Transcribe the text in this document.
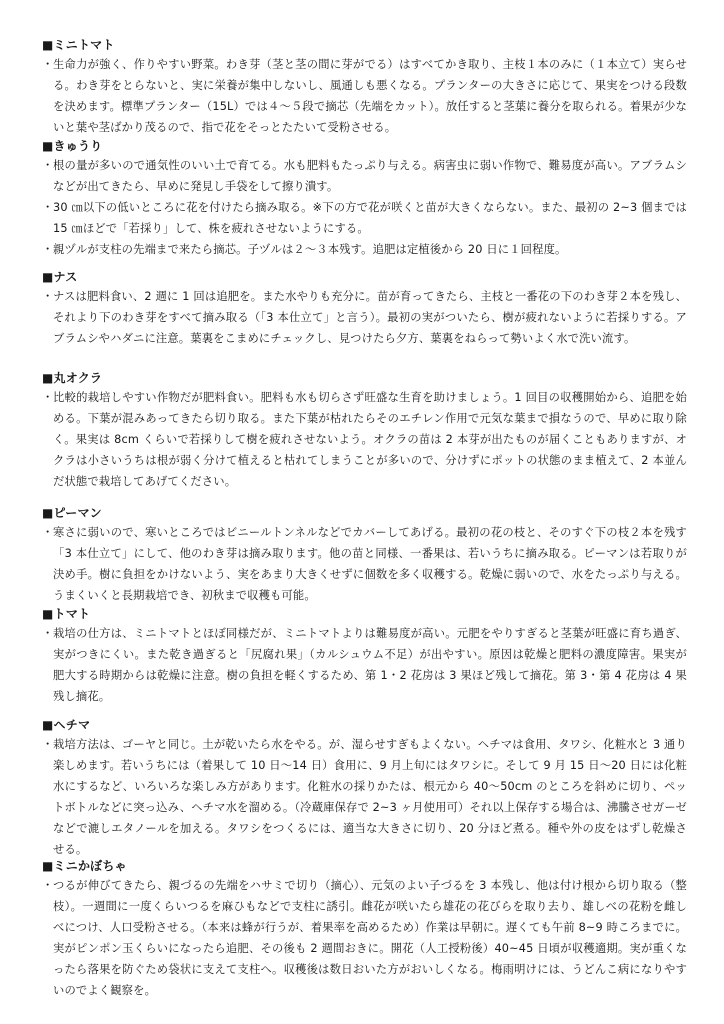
■ミニトマト
・ 生命力が強く、作りやすい野菜。わき芽（茎と茎の間に芽がでる）はすべてかき取り、主枝１本のみに（１本立て）実らせる。わき芽をとらないと、実に栄養が集中しないし、風通しも悪くなる。プランターの大きさに応じて、果実をつける段数を決めます。標準プランター（15L）では４～５段で摘芯（先端をカット）。放任すると茎葉に養分を取られる。着果が少ないと葉や茎ばかり茂るので、指で花をそっとたたいて受粉させる。
■きゅうり
・ 根の量が多いので通気性のいい土で育てる。水も肥料もたっぷり与える。病害虫に弱い作物で、難易度が高い。アブラムシなどが出てきたら、早めに発見し手袋をして擦り潰す。
・ 30 ㎝以下の低いところに花を付けたら摘み取る。※下の方で花が咲くと苗が大きくならない。また、最初の 2~3 個までは 15 ㎝ほどで「若採り」して、株を疲れさせないようにする。
・ 親ヅルが支柱の先端まで来たら摘芯。子ヅルは２～３本残す。追肥は定植後から 20 日に１回程度。
■ナス
・ ナスは肥料食い、2 週に 1 回は追肥を。また水やりも充分に。苗が育ってきたら、主枝と一番花の下のわき芽２本を残し、それより下のわき芽をすべて摘み取る（「3 本仕立て」と言う）。最初の実がついたら、樹が疲れないように若採りする。アブラムシやハダニに注意。葉裏をこまめにチェックし、見つけたら夕方、葉裏をねらって勢いよく水で洗い流す。
■丸オクラ
・ 比較的栽培しやすい作物だが肥料食い。肥料も水も切らさず旺盛な生育を助けましょう。1 回目の収穫開始から、追肥を始める。下葉が混みあってきたら切り取る。また下葉が枯れたらそのエチレン作用で元気な葉まで損なうので、早めに取り除く。果実は 8cm くらいで若採りして樹を疲れさせないよう。オクラの苗は 2 本芽が出たものが届くこともありますが、オクラは小さいうちは根が弱く分けて植えると枯れてしまうことが多いので、分けずにポットの状態のまま植えて、2 本並んだ状態で栽培してあげてください。
■ピーマン
・ 寒さに弱いので、寒いところではビニールトンネルなどでカバーしてあげる。最初の花の枝と、そのすぐ下の枝２本を残す「3 本仕立て」にして、他のわき芽は摘み取ります。他の苗と同様、一番果は、若いうちに摘み取る。ピーマンは若取りが決め手。樹に負担をかけないよう、実をあまり大きくせずに個数を多く収穫する。乾燥に弱いので、水をたっぷり与える。うまくいくと長期栽培でき、初秋まで収穫も可能。
■トマト
・ 栽培の仕方は、ミニトマトとほぼ同様だが、ミニトマトよりは難易度が高い。元肥をやりすぎると茎葉が旺盛に育ち過ぎ、実がつきにくい。また乾き過ぎると「尻腐れ果」（カルシュウム不足）が出やすい。原因は乾燥と肥料の濃度障害。果実が肥大する時期からは乾燥に注意。樹の負担を軽くするため、第 1・2 花房は 3 果ほど残して摘花。第 3・第 4 花房は 4 果残し摘花。
■ヘチマ
・ 栽培方法は、ゴーヤと同じ。土が乾いたら水をやる。が、湿らせすぎもよくない。ヘチマは食用、タワシ、化粧水と 3 通り楽しめます。若いうちには（着果して 10 日～14 日）食用に、9 月上旬にはタワシに。そして 9 月 15 日～20 日には化粧水にするなど、いろいろな楽しみ方があります。化粧水の採りかたは、根元から 40～50cm のところを斜めに切り、ペットボトルなどに突っ込み、ヘチマ水を溜める。（冷蔵庫保存で 2~3 ヶ月使用可）それ以上保存する場合は、沸騰させガーゼなどで漉しエタノールを加える。タワシをつくるには、適当な大きさに切り、20 分ほど煮る。種や外の皮をはずし乾燥させる。
■ミニかぼちゃ
・ つるが伸びてきたら、親づるの先端をハサミで切り（摘心）、元気のよい子づるを 3 本残し、他は付け根から切り取る（整枝）。一週間に一度くらいつるを麻ひもなどで支柱に誘引。雌花が咲いたら雄花の花びらを取り去り、雄しべの花粉を雌しべにつけ、人口受粉させる。（本来は蜂が行うが、着果率を高めるため）作業は早朝に。遅くても午前 8~9 時ころまでに。実がピンポン玉くらいになったら追肥、その後も 2 週間おきに。開花（人工授粉後）40~45 日頃が収穫適期。実が重くなったら落果を防ぐため袋状に支えて支柱へ。収穫後は数日おいた方がおいしくなる。梅雨明けには、うどんこ病になりやすいのでよく観察を。
